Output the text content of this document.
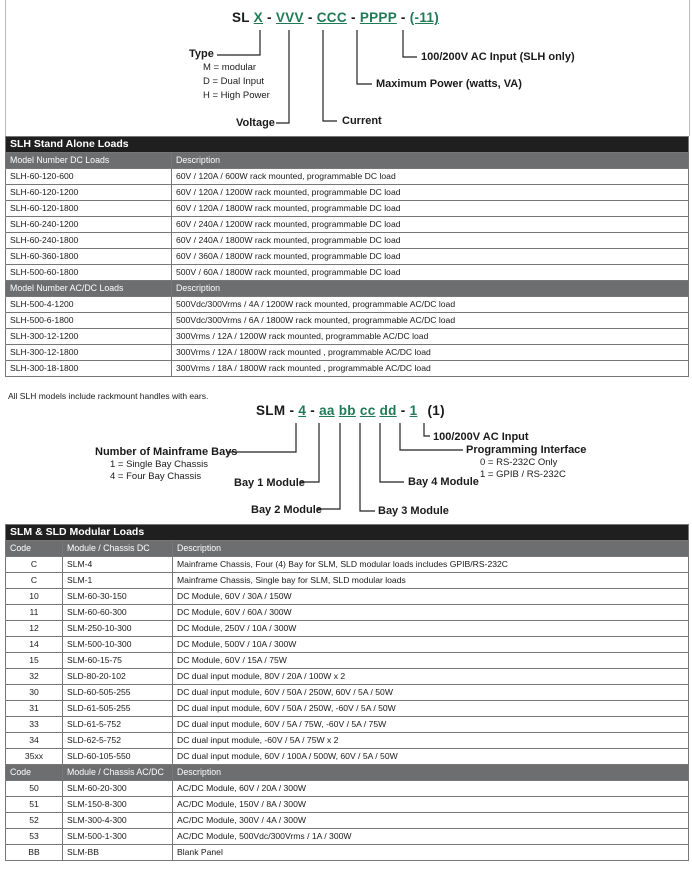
SL X - VVV - CCC - PPPP - (-11)
Type
M = modular
D = Dual Input
H = High Power
Voltage	Current
Maximum Power (watts, VA)
100/200V AC Input (SLH only)
SLH Stand Alone Loads	
Model Number DC Loads	Description
SLH-60-120-600	60V / 120A / 600W rack mounted, programmable DC load
SLH-60-120-1200	60V / 120A / 1200W rack mounted, programmable DC load
SLH-60-120-1800	60V / 120A / 1800W rack mounted, programmable DC load
SLH-60-240-1200	60V / 240A / 1200W rack mounted, programmable DC load
SLH-60-240-1800	60V / 240A / 1800W rack mounted, programmable DC load
SLH-60-360-1800	60V / 360A / 1800W rack mounted, programmable DC load
SLH-500-60-1800	500V / 60A / 1800W rack mounted, programmable DC load
Model Number AC/DC Loads	Description
SLH-500-4-1200	500Vdc/300Vrms / 4A / 1200W rack mounted, programmable AC/DC load
SLH-500-6-1800	500Vdc/300Vrms / 6A / 1800W rack mounted, programmable AC/DC load
SLH-300-12-1200	300Vrms / 12A / 1200W rack mounted, programmable AC/DC load
SLH-300-12-1800	300Vrms / 12A / 1800W rack mounted , programmable AC/DC load
SLH-300-18-1800	300Vrms / 18A / 1800W rack mounted , programmable AC/DC load
All SLH models include rackmount handles with ears.
SLM - 4 - aa bb cc dd - 1 (1)
Number of Mainframe Bays
1 = Single Bay Chassis
4 = Four Bay Chassis
Bay 1 Module
Bay 2 Module	Bay 3 Module
Bay 4 Module
100/200V AC Input
Programming Interface
0 = RS-232C Only
1 = GPIB / RS-232C
SLM & SLD Modular Loads		
Code	Module / Chassis DC	Description
C	SLM-4	Mainframe Chassis, Four (4) Bay for SLM, SLD modular loads includes GPIB/RS-232C
C	SLM-1	Mainframe Chassis, Single bay for SLM, SLD modular loads
10	SLM-60-30-150	DC Module, 60V / 30A / 150W
11	SLM-60-60-300	DC Module, 60V / 60A / 300W
12	SLM-250-10-300	DC Module, 250V / 10A / 300W
14	SLM-500-10-300	DC Module, 500V / 10A / 300W
15	SLM-60-15-75	DC Module, 60V / 15A / 75W
32	SLD-80-20-102	DC dual input module, 80V / 20A / 100W x 2
30	SLD-60-505-255	DC dual input module, 60V / 50A / 250W, 60V / 5A / 50W
31	SLD-61-505-255	DC dual input module, 60V / 50A / 250W, -60V / 5A / 50W
33	SLD-61-5-752	DC dual input module, 60V / 5A / 75W, -60V / 5A / 75W
34	SLD-62-5-752	DC dual input module, -60V / 5A / 75W x 2
35xx	SLD-60-105-550	DC dual input module, 60V / 100A / 500W, 60V / 5A / 50W
Code	Module / Chassis AC/DC	Description
50	SLM-60-20-300	AC/DC Module, 60V / 20A / 300W
51	SLM-150-8-300	AC/DC Module, 150V / 8A / 300W
52	SLM-300-4-300	AC/DC Module, 300V / 4A / 300W
53	SLM-500-1-300	AC/DC Module, 500Vdc/300Vrms / 1A / 300W
BB	SLM-BB	Blank Panel
